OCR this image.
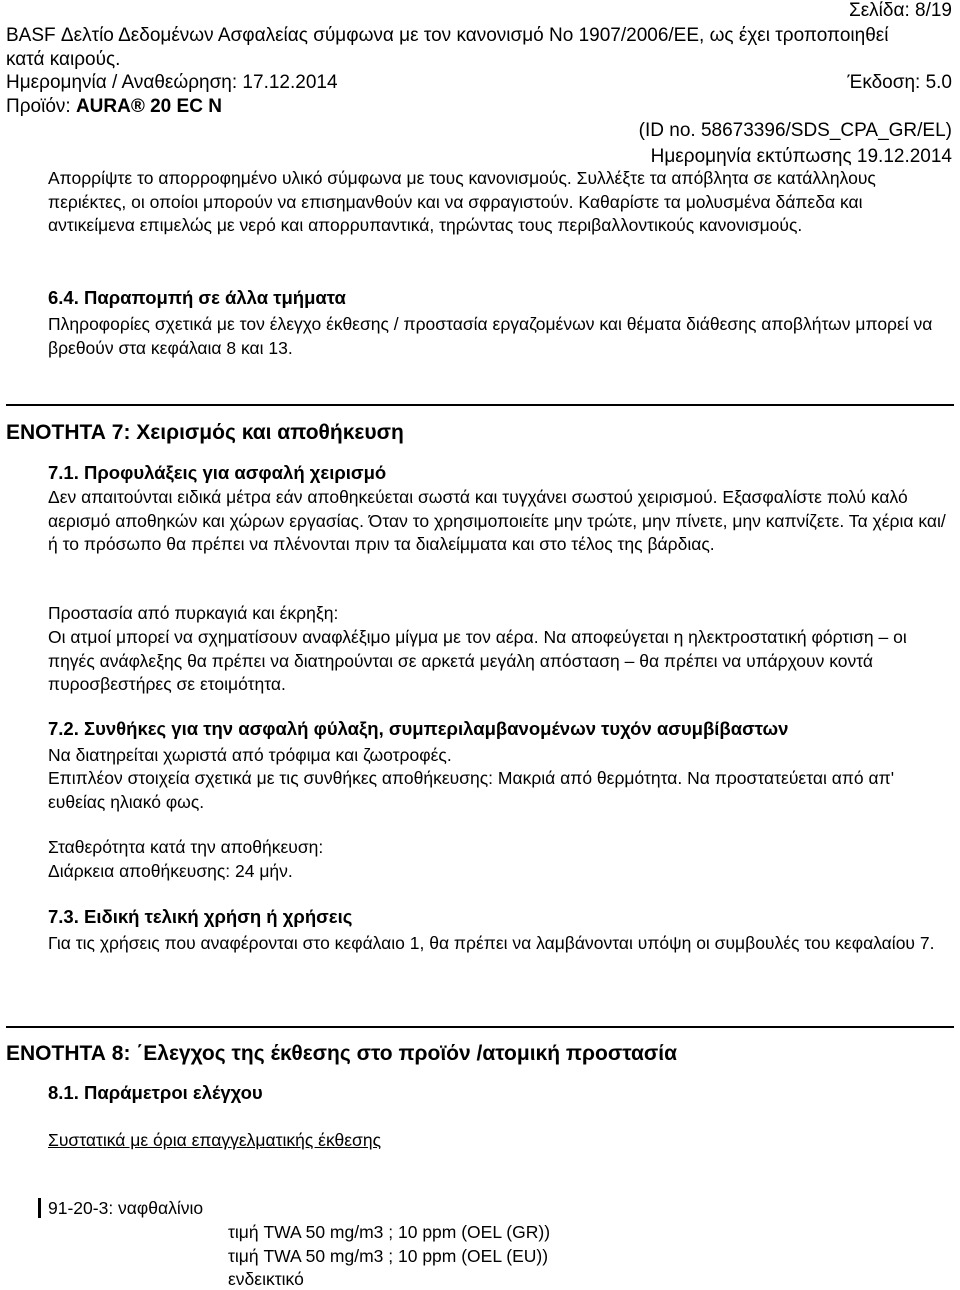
Σελίδα: 8/19
BASF Δελτίο Δεδομένων Ασφαλείας σύμφωνα με τον κανονισμό Νο 1907/2006/ΕΕ, ως έχει τροποποιηθεί
κατά καιρούς.
Ημερομηνία / Αναθεώρηση: 17.12.2014	Έκδοση: 5.0
Προϊόν: AURA® 20 EC N
(ID no. 58673396/SDS_CPA_GR/EL)
Ημερομηνία εκτύπωσης 19.12.2014
Απορρίψτε το απορροφημένο υλικό σύμφωνα με τους κανονισμούς. Συλλέξτε τα απόβλητα σε κατάλληλους περιέκτες, οι οποίοι μπορούν να επισημανθούν και να σφραγιστούν. Καθαρίστε τα μολυσμένα δάπεδα και αντικείμενα επιμελώς με νερό και απορρυπαντικά, τηρώντας τους περιβαλλοντικούς κανονισμούς.
6.4. Παραπομπή σε άλλα τμήματα
Πληροφορίες σχετικά με τον έλεγχο έκθεσης / προστασία εργαζομένων και θέματα διάθεσης αποβλήτων μπορεί να βρεθούν στα κεφάλαια 8 και 13.
ΕΝΟΤΗΤΑ 7: Χειρισμός και αποθήκευση
7.1. Προφυλάξεις για ασφαλή χειρισμό
Δεν απαιτούνται ειδικά μέτρα εάν αποθηκεύεται σωστά και τυγχάνει σωστού χειρισμού. Εξασφαλίστε πολύ καλό αερισμό αποθηκών και χώρων εργασίας. Όταν το χρησιμοποιείτε μην τρώτε, μην πίνετε, μην καπνίζετε. Τα χέρια και/ή το πρόσωπο θα πρέπει να πλένονται πριν τα διαλείμματα και στο τέλος της βάρδιας.
Προστασία από πυρκαγιά και έκρηξη:
Οι ατμοί μπορεί να σχηματίσουν αναφλέξιμο μίγμα με τον αέρα. Να αποφεύγεται η ηλεκτροστατική φόρτιση – οι πηγές ανάφλεξης θα πρέπει να διατηρούνται σε αρκετά μεγάλη απόσταση – θα πρέπει να υπάρχουν κοντά πυροσβεστήρες σε ετοιμότητα.
7.2. Συνθήκες για την ασφαλή φύλαξη, συμπεριλαμβανομένων τυχόν ασυμβίβαστων
Να διατηρείται χωριστά από τρόφιμα και ζωοτροφές.
Επιπλέον στοιχεία σχετικά με τις συνθήκες αποθήκευσης: Μακριά από θερμότητα. Να προστατεύεται από απ' ευθείας ηλιακό φως.
Σταθερότητα κατά την αποθήκευση:
Διάρκεια αποθήκευσης: 24 μήν.
7.3. Ειδική τελική χρήση ή χρήσεις
Για τις χρήσεις που αναφέρονται στο κεφάλαιο 1, θα πρέπει να λαμβάνονται υπόψη οι συμβουλές του κεφαλαίου 7.
ΕΝΟΤΗΤΑ 8: ΄Ελεγχος της έκθεσης στο προϊόν /ατομική προστασία
8.1. Παράμετροι ελέγχου
Συστατικά με όρια επαγγελματικής έκθεσης
91-20-3: ναφθαλίνιο
τιμή TWA 50 mg/m3 ; 10 ppm (OEL (GR))
τιμή TWA 50 mg/m3 ; 10 ppm (OEL (EU))
ενδεικτικό
